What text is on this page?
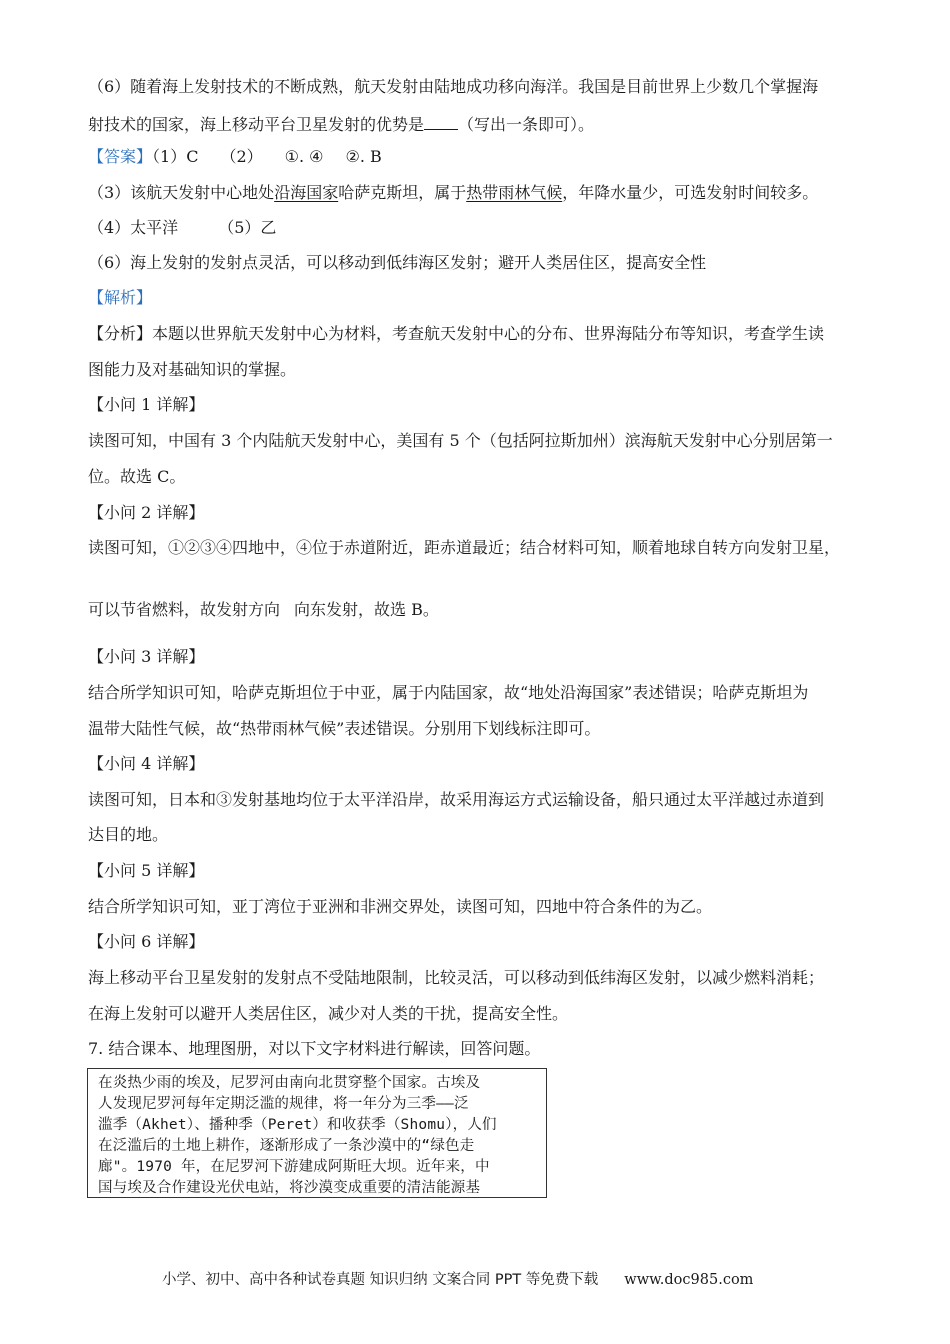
（6）随着海上发射技术的不断成熟，航天发射由陆地成功移向海洋。我国是目前世界上少数几个掌握海
射技术的国家，海上移动平台卫星发射的优势是 （写出一条即可）。
【答案】（1）C （2） ①. ④ ②. B
（3）该航天发射中心地处沿海国家哈萨克斯坦，属于热带雨林气候，年降水量少，可选发射时间较多。
（4）太平洋	（5）乙
（6）海上发射的发射点灵活，可以移动到低纬海区发射；避开人类居住区，提高安全性
【解析】
【分析】本题以世界航天发射中心为材料，考查航天发射中心的分布、世界海陆分布等知识，考查学生读
图能力及对基础知识的掌握。
【小问 1 详解】
读图可知，中国有 3 个内陆航天发射中心，美国有 5 个（包括阿拉斯加州）滨海航天发射中心分别居第一
位。故选 C。
【小问 2 详解】
读图可知，①②③④四地中，④位于赤道附近，距赤道最近；结合材料可知，顺着地球自转方向发射卫星，
可以节省燃料，故发射方向 向东发射，故选 B。
【小问 3 详解】
结合所学知识可知，哈萨克斯坦位于中亚，属于内陆国家，故“地处沿海国家”表述错误；哈萨克斯坦为
温带大陆性气候，故“热带雨林气候”表述错误。分别用下划线标注即可。
【小问 4 详解】
读图可知，日本和③发射基地均位于太平洋沿岸，故采用海运方式运输设备，船只通过太平洋越过赤道到
达目的地。
【小问 5 详解】
结合所学知识可知，亚丁湾位于亚洲和非洲交界处，读图可知，四地中符合条件的为乙。
【小问 6 详解】
海上移动平台卫星发射的发射点不受陆地限制，比较灵活，可以移动到低纬海区发射，以减少燃料消耗；
在海上发射可以避开人类居住区，减少对人类的干扰，提高安全性。
7. 结合课本、地理图册，对以下文字材料进行解读，回答问题。
在炎热少雨的埃及，尼罗河由南向北贯穿整个国家。古埃及
人发现尼罗河每年定期泛滥的规律，将一年分为三季——泛
滥季（Akhet）、播种季（Peret）和收获季（Shomu），人们
在泛滥后的土地上耕作，逐渐形成了一条沙漠中的“绿色走
廊"。1970 年，在尼罗河下游建成阿斯旺大坝。近年来，中
国与埃及合作建设光伏电站，将沙漠变成重要的清洁能源基
小学、初中、高中各种试卷真题 知识归纳 文案合同 PPT 等免费下载 www.doc985.com
